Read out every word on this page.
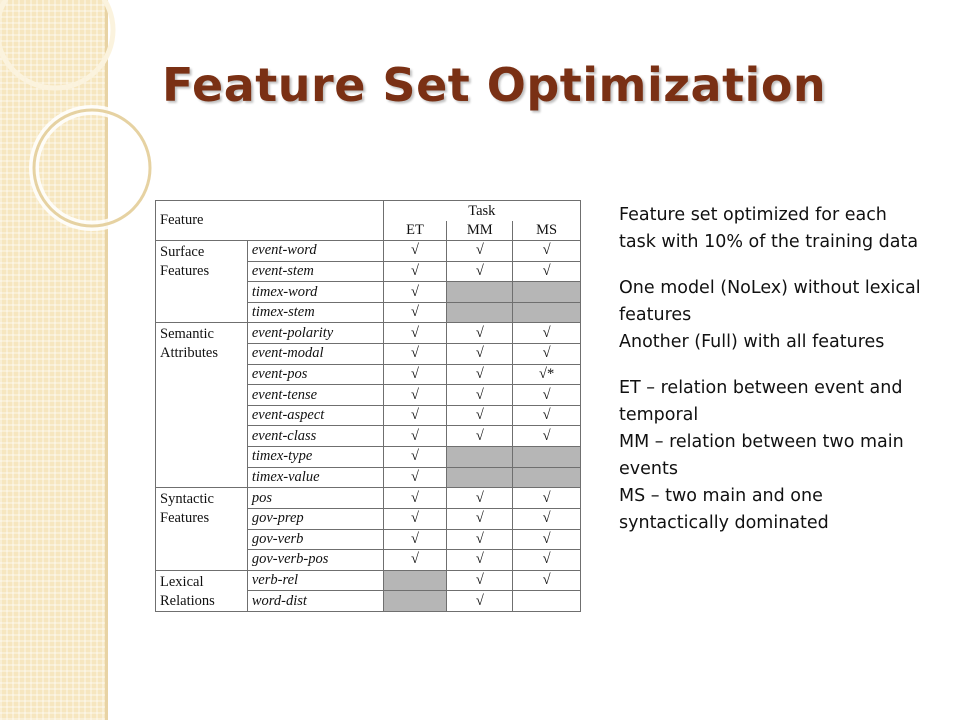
Feature Set Optimization
Feature		Task		
		ET	MM	MS

Surface
Features	event-word	√	√	√
	event-stem	√	√	√
	timex-word	√		
	timex-stem	√		

Semantic
Attributes	event-polarity	√	√	√
	event-modal	√	√	√
	event-pos	√	√	√*
	event-tense	√	√	√
	event-aspect	√	√	√
	event-class	√	√	√
	timex-type	√		
	timex-value	√		

Syntactic
Features	pos	√	√	√
	gov-prep	√	√	√
	gov-verb	√	√	√
	gov-verb-pos	√	√	√

Lexical
Relations	verb-rel		√	√
	word-dist		√	

Feature set optimized for each task with 10% of the training data

One model (NoLex) without lexical features

Another (Full) with all features

ET – relation between event and temporal

MM – relation between two main events

MS – two main and one syntactically dominated
